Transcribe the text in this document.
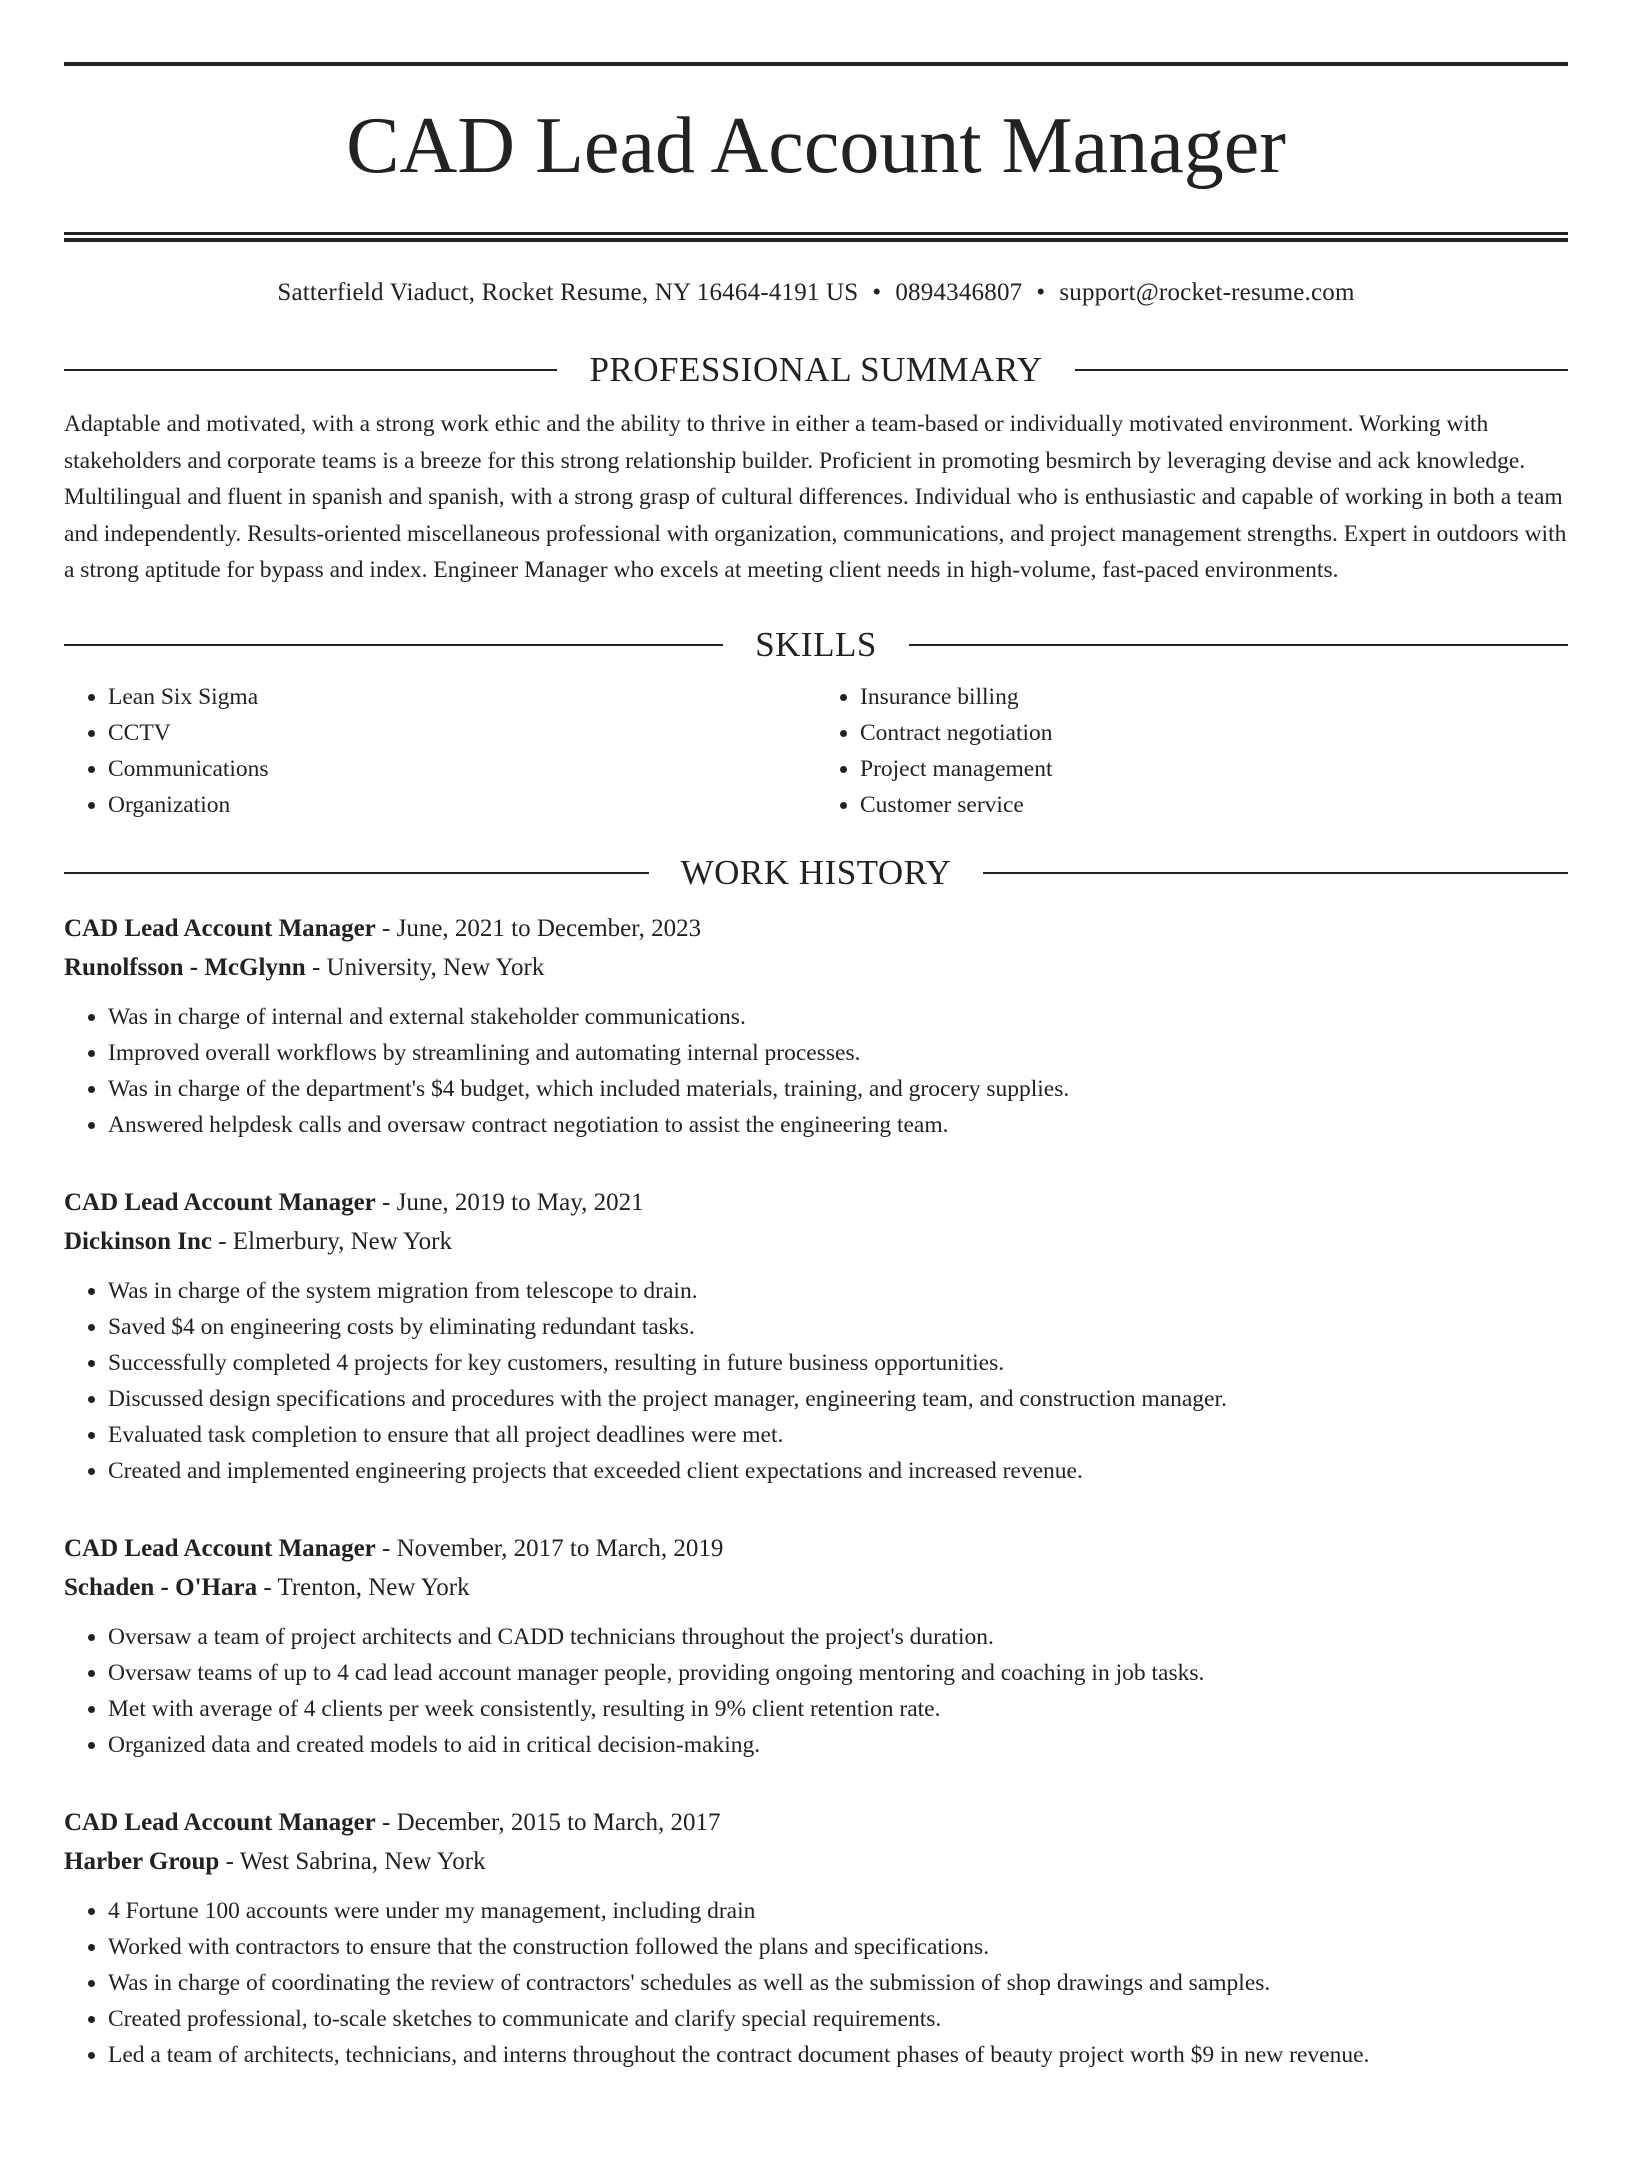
CAD Lead Account Manager
Satterfield Viaduct, Rocket Resume, NY 16464-4191 US • 0894346807 • support@rocket-resume.com
PROFESSIONAL SUMMARY

Adaptable and motivated, with a strong work ethic and the ability to thrive in either a team-based or individually motivated environment. Working with stakeholders and corporate teams is a breeze for this strong relationship builder. Proficient in promoting besmirch by leveraging devise and ack knowledge. Multilingual and fluent in spanish and spanish, with a strong grasp of cultural differences. Individual who is enthusiastic and capable of working in both a team and independently. Results-oriented miscellaneous professional with organization, communications, and project management strengths. Expert in outdoors with a strong aptitude for bypass and index. Engineer Manager who excels at meeting client needs in high-volume, fast-paced environments.

SKILLS
• Lean Six Sigma
• CCTV
• Communications
• Organization
• Insurance billing
• Contract negotiation
• Project management
• Customer service
WORK HISTORY
CAD Lead Account Manager - June, 2021 to December, 2023
Runolfsson - McGlynn - University, New York
• Was in charge of internal and external stakeholder communications.
• Improved overall workflows by streamlining and automating internal processes.
• Was in charge of the department's $4 budget, which included materials, training, and grocery supplies.
• Answered helpdesk calls and oversaw contract negotiation to assist the engineering team.
CAD Lead Account Manager - June, 2019 to May, 2021
Dickinson Inc - Elmerbury, New York
• Was in charge of the system migration from telescope to drain.
• Saved $4 on engineering costs by eliminating redundant tasks.
• Successfully completed 4 projects for key customers, resulting in future business opportunities.
• Discussed design specifications and procedures with the project manager, engineering team, and construction manager.
• Evaluated task completion to ensure that all project deadlines were met.
• Created and implemented engineering projects that exceeded client expectations and increased revenue.
CAD Lead Account Manager - November, 2017 to March, 2019
Schaden - O'Hara - Trenton, New York
• Oversaw a team of project architects and CADD technicians throughout the project's duration.
• Oversaw teams of up to 4 cad lead account manager people, providing ongoing mentoring and coaching in job tasks.
• Met with average of 4 clients per week consistently, resulting in 9% client retention rate.
• Organized data and created models to aid in critical decision-making.
CAD Lead Account Manager - December, 2015 to March, 2017
Harber Group - West Sabrina, New York
• 4 Fortune 100 accounts were under my management, including drain
• Worked with contractors to ensure that the construction followed the plans and specifications.
• Was in charge of coordinating the review of contractors' schedules as well as the submission of shop drawings and samples.
• Created professional, to-scale sketches to communicate and clarify special requirements.
• Led a team of architects, technicians, and interns throughout the contract document phases of beauty project worth $9 in new revenue.
